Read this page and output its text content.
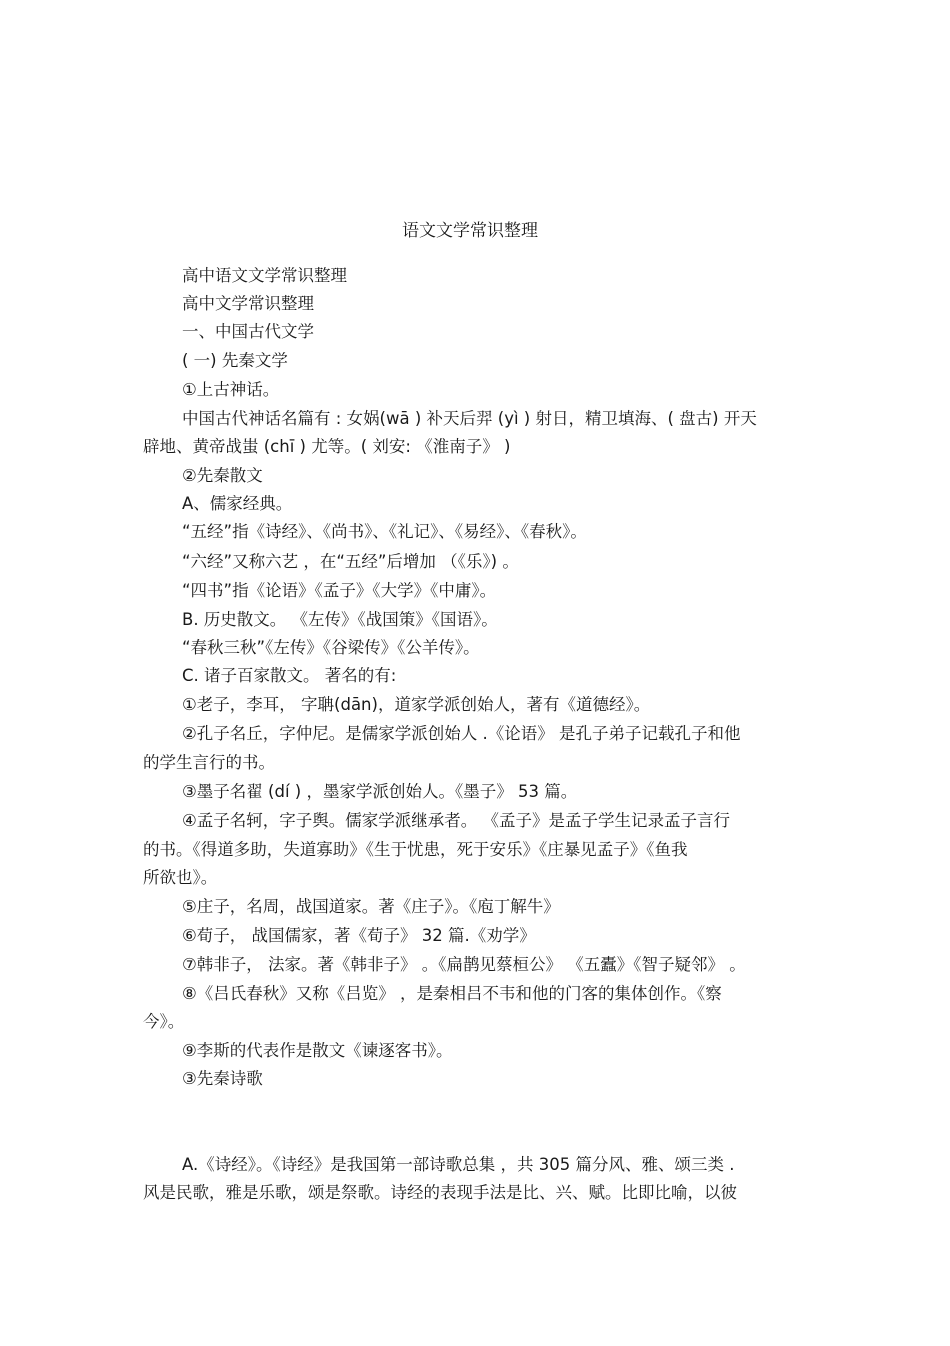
语文文学常识整理
高中语文文学常识整理
高中文学常识整理
一、中国古代文学
( 一) 先秦文学
①上古神话。
中国古代神话名篇有 : 女娲(wā ) 补天后羿 (yì ) 射日，精卫填海、( 盘古) 开天
辟地、黄帝战蚩 (chī ) 尤等。( 刘安: 《淮南子》 )
②先秦散文
A、儒家经典。
“五经”指《诗经》、《尚书》、《礼记》、《易经》、《春秋》。
“六经”又称六艺 ，在“五经”后增加 （《乐》) 。
“四书”指《论语》《孟子》《大学》《中庸》。
B. 历史散文。 《左传》《战国策》《国语》。
“春秋三秋”《左传》《谷梁传》《公羊传》。
C. 诸子百家散文。 著名的有:
①老子，李耳， 字聃(dān)，道家学派创始人，著有《道德经》。
②孔子名丘，字仲尼。是儒家学派创始人 .《论语》 是孔子弟子记载孔子和他
的学生言行的书。
③墨子名翟 (dí ) ，墨家学派创始人。《墨子》 53 篇。
④孟子名轲，字子舆。儒家学派继承者。 《孟子》是孟子学生记录孟子言行
的书。《得道多助，失道寡助》《生于忧患，死于安乐》《庄暴见孟子》《鱼我
所欲也》。
⑤庄子，名周，战国道家。著《庄子》。《庖丁解牛》
⑥荀子， 战国儒家，著《荀子》 32 篇.《劝学》
⑦韩非子， 法家。著《韩非子》 。《扁鹊见蔡桓公》 《五蠹》《智子疑邻》 。
⑧《吕氏春秋》又称《吕览》 ，是秦相吕不韦和他的门客的集体创作。《察
今》。
⑨李斯的代表作是散文《谏逐客书》。
③先秦诗歌
A.《诗经》。《诗经》是我国第一部诗歌总集 ，共 305 篇分风、雅、颂三类 .
风是民歌，雅是乐歌，颂是祭歌。诗经的表现手法是比、兴、赋。比即比喻，以彼
